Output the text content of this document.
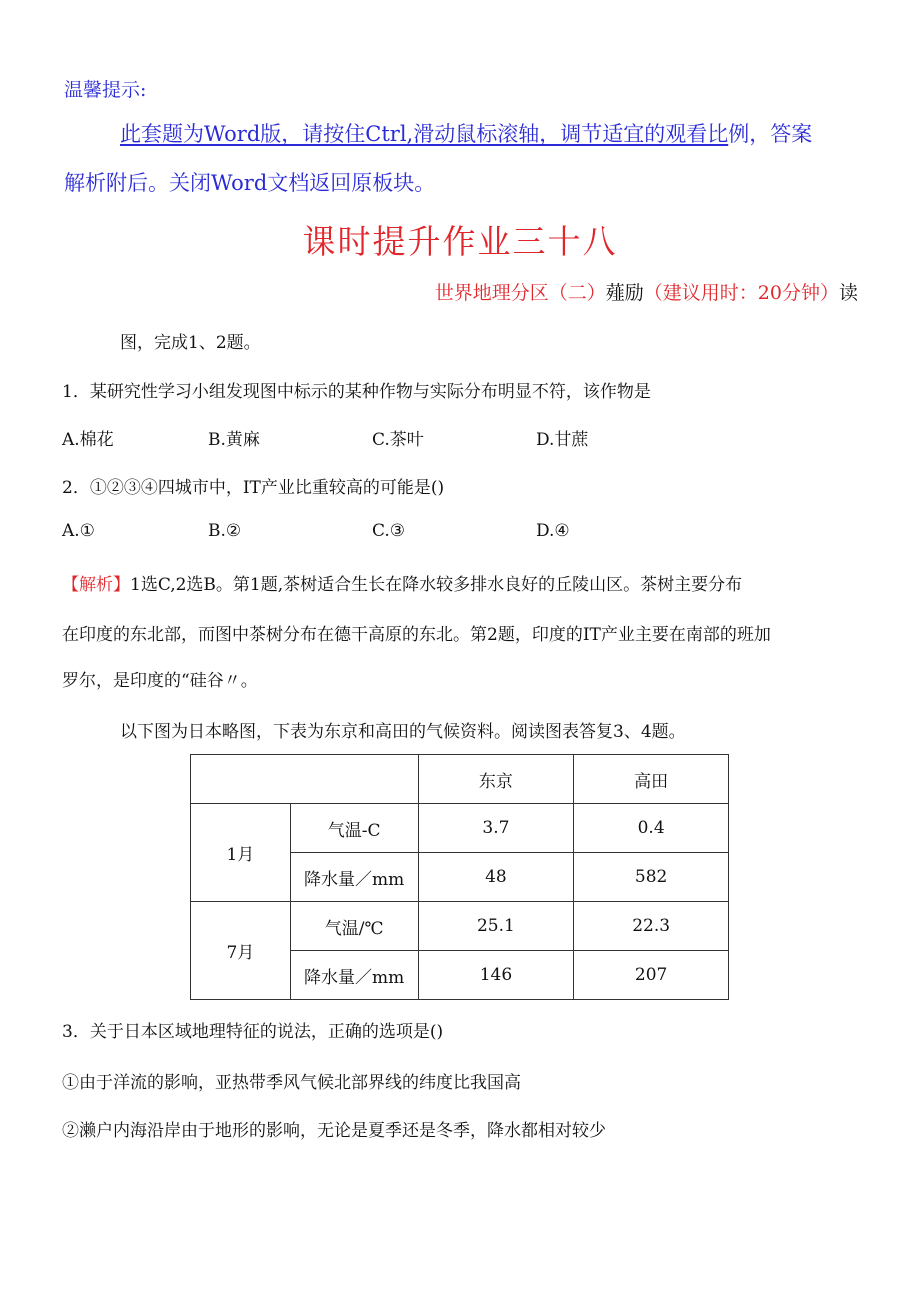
温馨提示:
此套题为Word版，请按住Ctrl,滑动鼠标滚轴，调节适宜的观看比例，答案
解析附后。关闭Word文档返回原板块。
课时提升作业三十八
世界地理分区（二）薤励（建议用时：20分钟）读
图，完成1、2题。
1．某研究性学习小组发现图中标示的某种作物与实际分布明显不符，该作物是
A.棉花	B.黄麻	C.茶叶	D.甘蔗
2．①②③④四城市中，IT产业比重较高的可能是()
A.①	B.②	C.③	D.④
【解析】1选C,2选B。第1题,茶树适合生长在降水较多排水良好的丘陵山区。茶树主要分布
在印度的东北部，而图中茶树分布在德干高原的东北。第2题，印度的IT产业主要在南部的班加
罗尔，是印度的“硅谷〃。
以下图为日本略图，下表为东京和高田的气候资料。阅读图表答复3、4题。
		东京	高田
1月	气温-C	3.7	0.4
	降水量／mm	48	582
7月	气温/℃	25.1	22.3
	降水量／mm	146	207
3．关于日本区域地理特征的说法，正确的选项是()
①由于洋流的影响，亚热带季风气候北部界线的纬度比我国高
②濑户内海沿岸由于地形的影响，无论是夏季还是冬季，降水都相对较少
